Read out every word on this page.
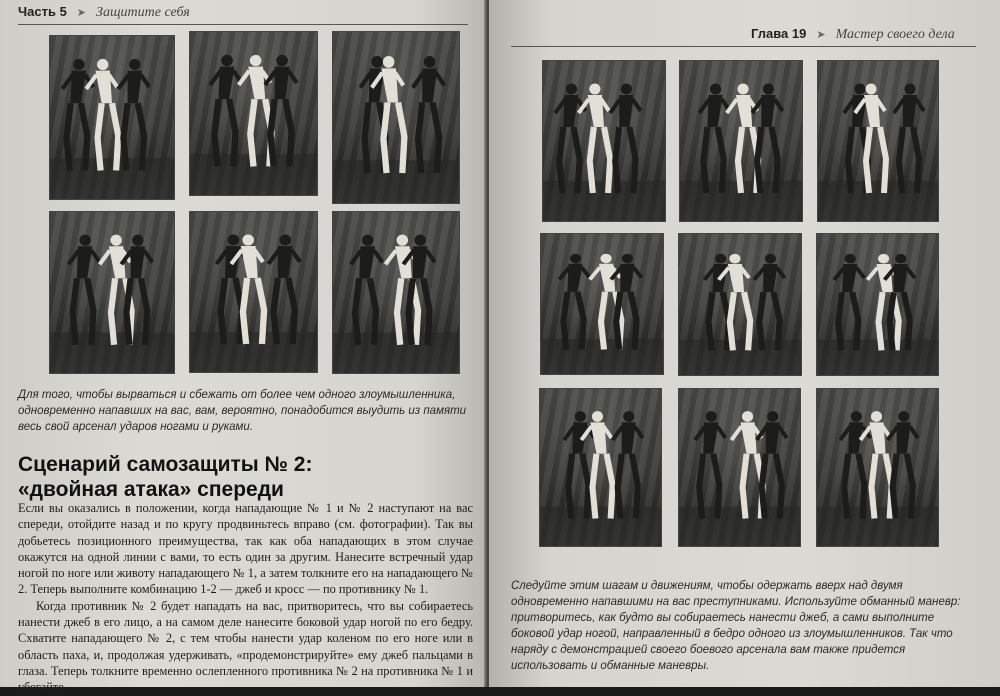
Часть 5 ➤ Защитите себя
Для того, чтобы вырваться и сбежать от более чем одного злоумышленника, одновременно напавших на вас, вам, вероятно, понадобится выудить из памяти весь свой арсенал ударов ногами и руками.
Сценарий самозащиты № 2:
«двойная атака» спереди

Если вы оказались в положении, когда нападающие № 1 и № 2 наступают на вас спереди, отойдите назад и по кругу продвиньтесь вправо (см. фотографии). Так вы добьетесь позиционного преимущества, так как оба нападающих в этом случае окажутся на одной линии с вами, то есть один за другим. Нанесите встречный удар ногой по ноге или животу нападающего № 1, а затем толкните его на нападающего № 2. Теперь выполните комбинацию 1-2 — джеб и кросс — по противнику № 1.

Когда противник № 2 будет нападать на вас, притворитесь, что вы собираетесь нанести джеб в его лицо, а на самом деле нанесите боковой удар ногой по его бедру. Схватите нападающего № 2, с тем чтобы нанести удар коленом по его ноге или в область паха, и, продолжая удерживать, «продемонстрируйте» ему джеб пальцами в глаза. Теперь толкните временно ослепленного противника № 2 на противника № 1 и убегайте.

Глава 19 ➤ Мастер своего дела
Следуйте этим шагам и движениям, чтобы одержать вверх над двумя одновременно напавшими на вас преступниками. Используйте обманный маневр: притворитесь, как будто вы собираетесь нанести джеб, а сами выполните боковой удар ногой, направленный в бедро одного из злоумышленников. Так что наряду с демонстрацией своего боевого арсенала вам также придется использовать и обманные маневры.
